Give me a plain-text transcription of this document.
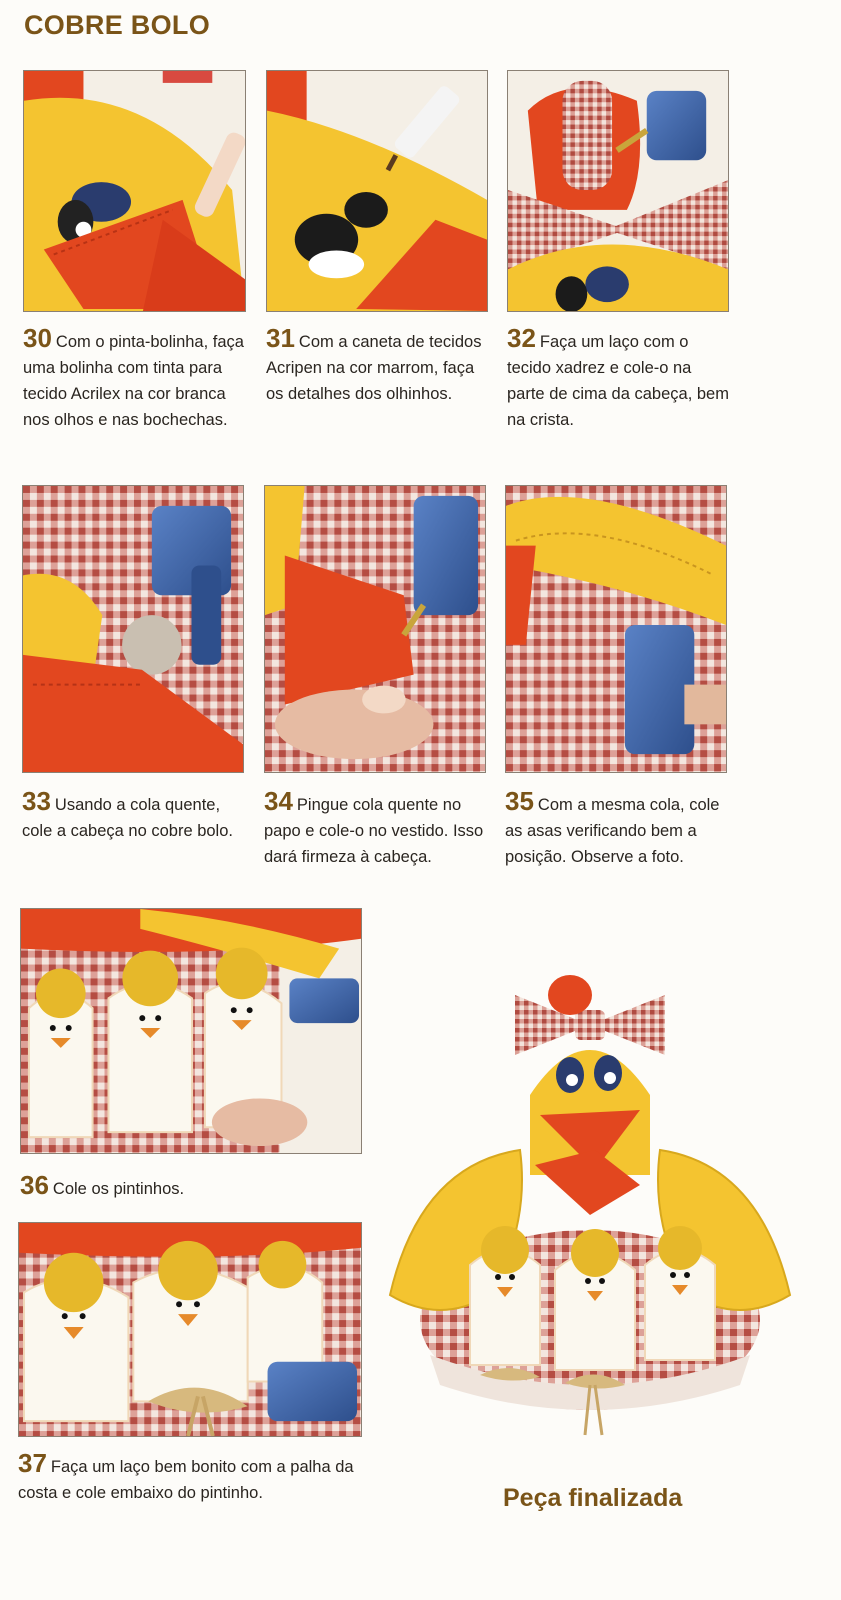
COBRE BOLO
30 Com o pinta-bolinha, faça uma bolinha com tinta para tecido Acrilex na cor branca nos olhos e nas bochechas.
31 Com a caneta de tecidos Acripen na cor marrom, faça os detalhes dos olhinhos.
32 Faça um laço com o tecido xadrez e cole-o na parte de cima da cabeça, bem na crista.
33 Usando a cola quente, cole a cabeça no cobre bolo.
34 Pingue cola quente no papo e cole-o no vestido. Isso dará firmeza à cabeça.
35 Com a mesma cola, cole as asas verificando bem a posição. Observe a foto.
36 Cole os pintinhos.
37 Faça um laço bem bonito com a palha da costa e cole embaixo do pintinho.	Peça finalizada
